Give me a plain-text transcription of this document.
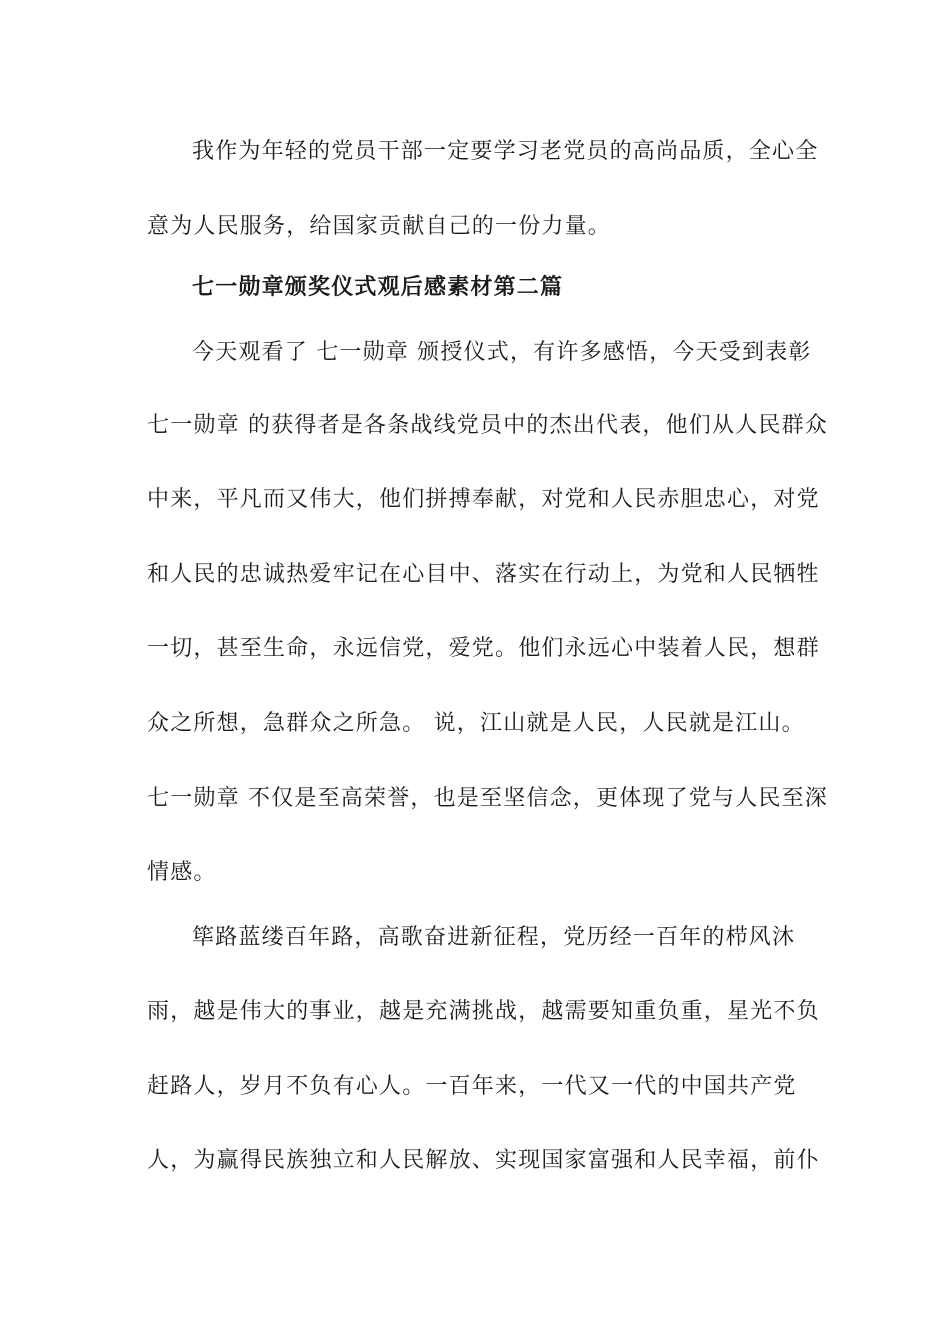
我作为年轻的党员干部一定要学习老党员的高尚品质，全心全
意为人民服务，给国家贡献自己的一份力量。
七一勋章颁奖仪式观后感素材第二篇
今天观看了 七一勋章 颁授仪式，有许多感悟，今天受到表彰
七一勋章 的获得者是各条战线党员中的杰出代表，他们从人民群众
中来，平凡而又伟大，他们拼搏奉献，对党和人民赤胆忠心，对党
和人民的忠诚热爱牢记在心目中、落实在行动上，为党和人民牺牲
一切，甚至生命，永远信党，爱党。他们永远心中装着人民，想群
众之所想，急群众之所急。 说，江山就是人民，人民就是江山。
七一勋章 不仅是至高荣誉，也是至坚信念，更体现了党与人民至深
情感。
筚路蓝缕百年路，高歌奋进新征程，党历经一百年的栉风沐
雨，越是伟大的事业，越是充满挑战，越需要知重负重，星光不负
赶路人，岁月不负有心人。一百年来，一代又一代的中国共产党
人，为赢得民族独立和人民解放、实现国家富强和人民幸福，前仆
